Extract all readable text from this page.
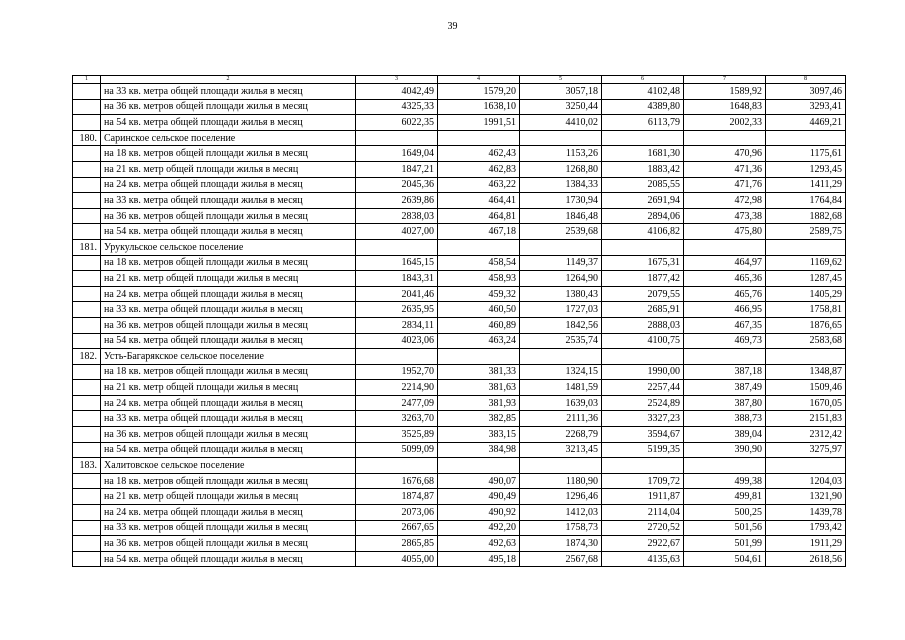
39
1	2	3	4	5	6	7	8
	на 33 кв. метра общей площади жилья в месяц	4042,49	1579,20	3057,18	4102,48	1589,92	3097,46
	на 36 кв. метров общей площади жилья в месяц	4325,33	1638,10	3250,44	4389,80	1648,83	3293,41
	на 54 кв. метра общей площади жилья в месяц	6022,35	1991,51	4410,02	6113,79	2002,33	4469,21
180.	Саринское сельское поселение						
	на 18 кв. метров общей площади жилья в месяц	1649,04	462,43	1153,26	1681,30	470,96	1175,61
	на 21 кв. метр общей площади жилья в месяц	1847,21	462,83	1268,80	1883,42	471,36	1293,45
	на 24 кв. метра общей площади жилья в месяц	2045,36	463,22	1384,33	2085,55	471,76	1411,29
	на 33 кв. метра общей площади жилья в месяц	2639,86	464,41	1730,94	2691,94	472,98	1764,84
	на 36 кв. метров общей площади жилья в месяц	2838,03	464,81	1846,48	2894,06	473,38	1882,68
	на 54 кв. метра общей площади жилья в месяц	4027,00	467,18	2539,68	4106,82	475,80	2589,75
181.	Урукульское сельское поселение						
	на 18 кв. метров общей площади жилья в месяц	1645,15	458,54	1149,37	1675,31	464,97	1169,62
	на 21 кв. метр общей площади жилья в месяц	1843,31	458,93	1264,90	1877,42	465,36	1287,45
	на 24 кв. метра общей площади жилья в месяц	2041,46	459,32	1380,43	2079,55	465,76	1405,29
	на 33 кв. метра общей площади жилья в месяц	2635,95	460,50	1727,03	2685,91	466,95	1758,81
	на 36 кв. метров общей площади жилья в месяц	2834,11	460,89	1842,56	2888,03	467,35	1876,65
	на 54 кв. метра общей площади жилья в месяц	4023,06	463,24	2535,74	4100,75	469,73	2583,68
182.	Усть-Багарякское сельское поселение						
	на 18 кв. метров общей площади жилья в месяц	1952,70	381,33	1324,15	1990,00	387,18	1348,87
	на 21 кв. метр общей площади жилья в месяц	2214,90	381,63	1481,59	2257,44	387,49	1509,46
	на 24 кв. метра общей площади жилья в месяц	2477,09	381,93	1639,03	2524,89	387,80	1670,05
	на 33 кв. метра общей площади жилья в месяц	3263,70	382,85	2111,36	3327,23	388,73	2151,83
	на 36 кв. метров общей площади жилья в месяц	3525,89	383,15	2268,79	3594,67	389,04	2312,42
	на 54 кв. метра общей площади жилья в месяц	5099,09	384,98	3213,45	5199,35	390,90	3275,97
183.	Халитовское сельское поселение						
	на 18 кв. метров общей площади жилья в месяц	1676,68	490,07	1180,90	1709,72	499,38	1204,03
	на 21 кв. метр общей площади жилья в месяц	1874,87	490,49	1296,46	1911,87	499,81	1321,90
	на 24 кв. метра общей площади жилья в месяц	2073,06	490,92	1412,03	2114,04	500,25	1439,78
	на 33 кв. метров общей площади жилья в месяц	2667,65	492,20	1758,73	2720,52	501,56	1793,42
	на 36 кв. метров общей площади жилья в месяц	2865,85	492,63	1874,30	2922,67	501,99	1911,29
	на 54 кв. метра общей площади жилья в месяц	4055,00	495,18	2567,68	4135,63	504,61	2618,56
